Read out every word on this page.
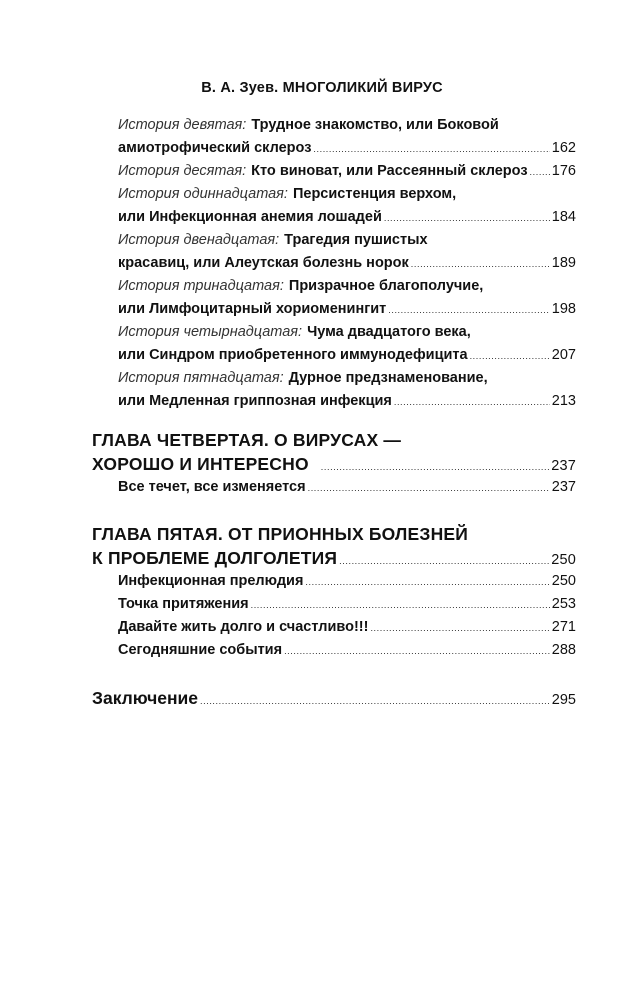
В. А. Зуев. МНОГОЛИКИЙ ВИРУС
История девятая: Трудное знакомство, или Боковой
амиотрофический склероз .....	162
История десятая: Кто виноват, или Рассеянный склероз ..... 176
История одиннадцатая: Персистенция верхом,
или Инфекционная анемия лошадей .....	184
История двенадцатая: Трагедия пушистых
красавиц, или Алеутская болезнь норок .....	189
История тринадцатая: Призрачное благополучие,
или Лимфоцитарный хориоменингит .....	198
История четырнадцатая: Чума двадцатого века,
или Синдром приобретенного иммунодефицита .....	207
История пятнадцатая: Дурное предзнаменование,
или Медленная гриппозная инфекция .....	213
ГЛАВА ЧЕТВЕРТАЯ. О ВИРУСАХ —
ХОРОШО И ИНТЕРЕСНО .....	237
Все течет, все изменяется .....	237
ГЛАВА ПЯТАЯ. ОТ ПРИОННЫХ БОЛЕЗНЕЙ
К ПРОБЛЕМЕ ДОЛГОЛЕТИЯ .....	250
Инфекционная прелюдия .....	250
Точка притяжения .....	253
Давайте жить долго и счастливо!!! .....	271
Сегодняшние события .....	288
Заключение .....	295
